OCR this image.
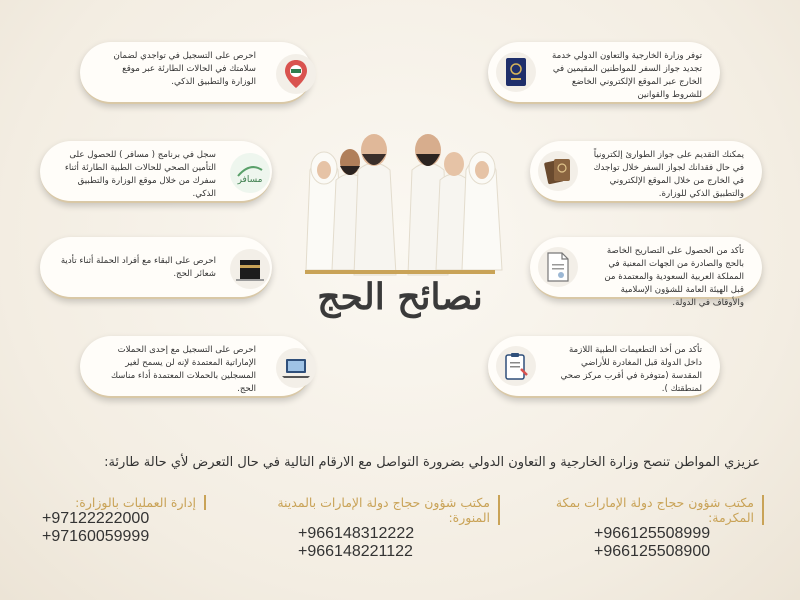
توفر وزارة الخارجية والتعاون الدولي خدمة تجديد جواز السفر للمواطنين المقيمين في الخارج عبر الموقع الإلكتروني الخاضع للشروط والقوانين
يمكنك التقديم على جواز الطوارئ إلكترونياً في حال فقدانك لجواز السفر خلال تواجدك في الخارج من خلال الموقع الإلكتروني والتطبيق الذكي للوزارة.
تأكد من الحصول على التصاريح الخاصة بالحج والصادرة من الجهات المعنية في المملكة العربية السعودية والمعتمدة من قبل الهيئة العامة للشؤون الإسلامية والأوقاف في الدولة.
تأكد من أخذ التطعيمات الطبية اللازمة داخل الدولة قبل المغادرة للأراضي المقدسة (متوفرة في أقرب مركز صحي لمنطقتك ).
احرص على التسجيل في تواجدي لضمان سلامتك في الحالات الطارئة عبر موقع الوزارة والتطبيق الذكي.
مسافر
سجل في برنامج ( مسافر ) للحصول على التأمين الصحي للحالات الطبية الطارئة أثناء سفرك من خلال موقع الوزارة والتطبيق الذكي.
احرص على البقاء مع أفراد الحملة أثناء تأدية شعائر الحج.
احرص على التسجيل مع إحدى الحملات الإماراتية المعتمدة لإنه لن يسمح لغير المسجلين بالحملات المعتمدة أداء مناسك الحج.
نصائح الحج
عزيزي المواطن تنصح وزارة الخارجية و التعاون الدولي بضرورة التواصل مع الارقام التالية في حال التعرض لأي حالة طارئة:
مكتب شؤون حجاج دولة الإمارات بمكة المكرمة:
+966125508999
+966125508900
مكتب شؤون حجاج دولة الإمارات بالمدينة المنورة:
+966148312222
+966148221122
إدارة العمليات بالوزارة:
+97122222000
+97160059999
